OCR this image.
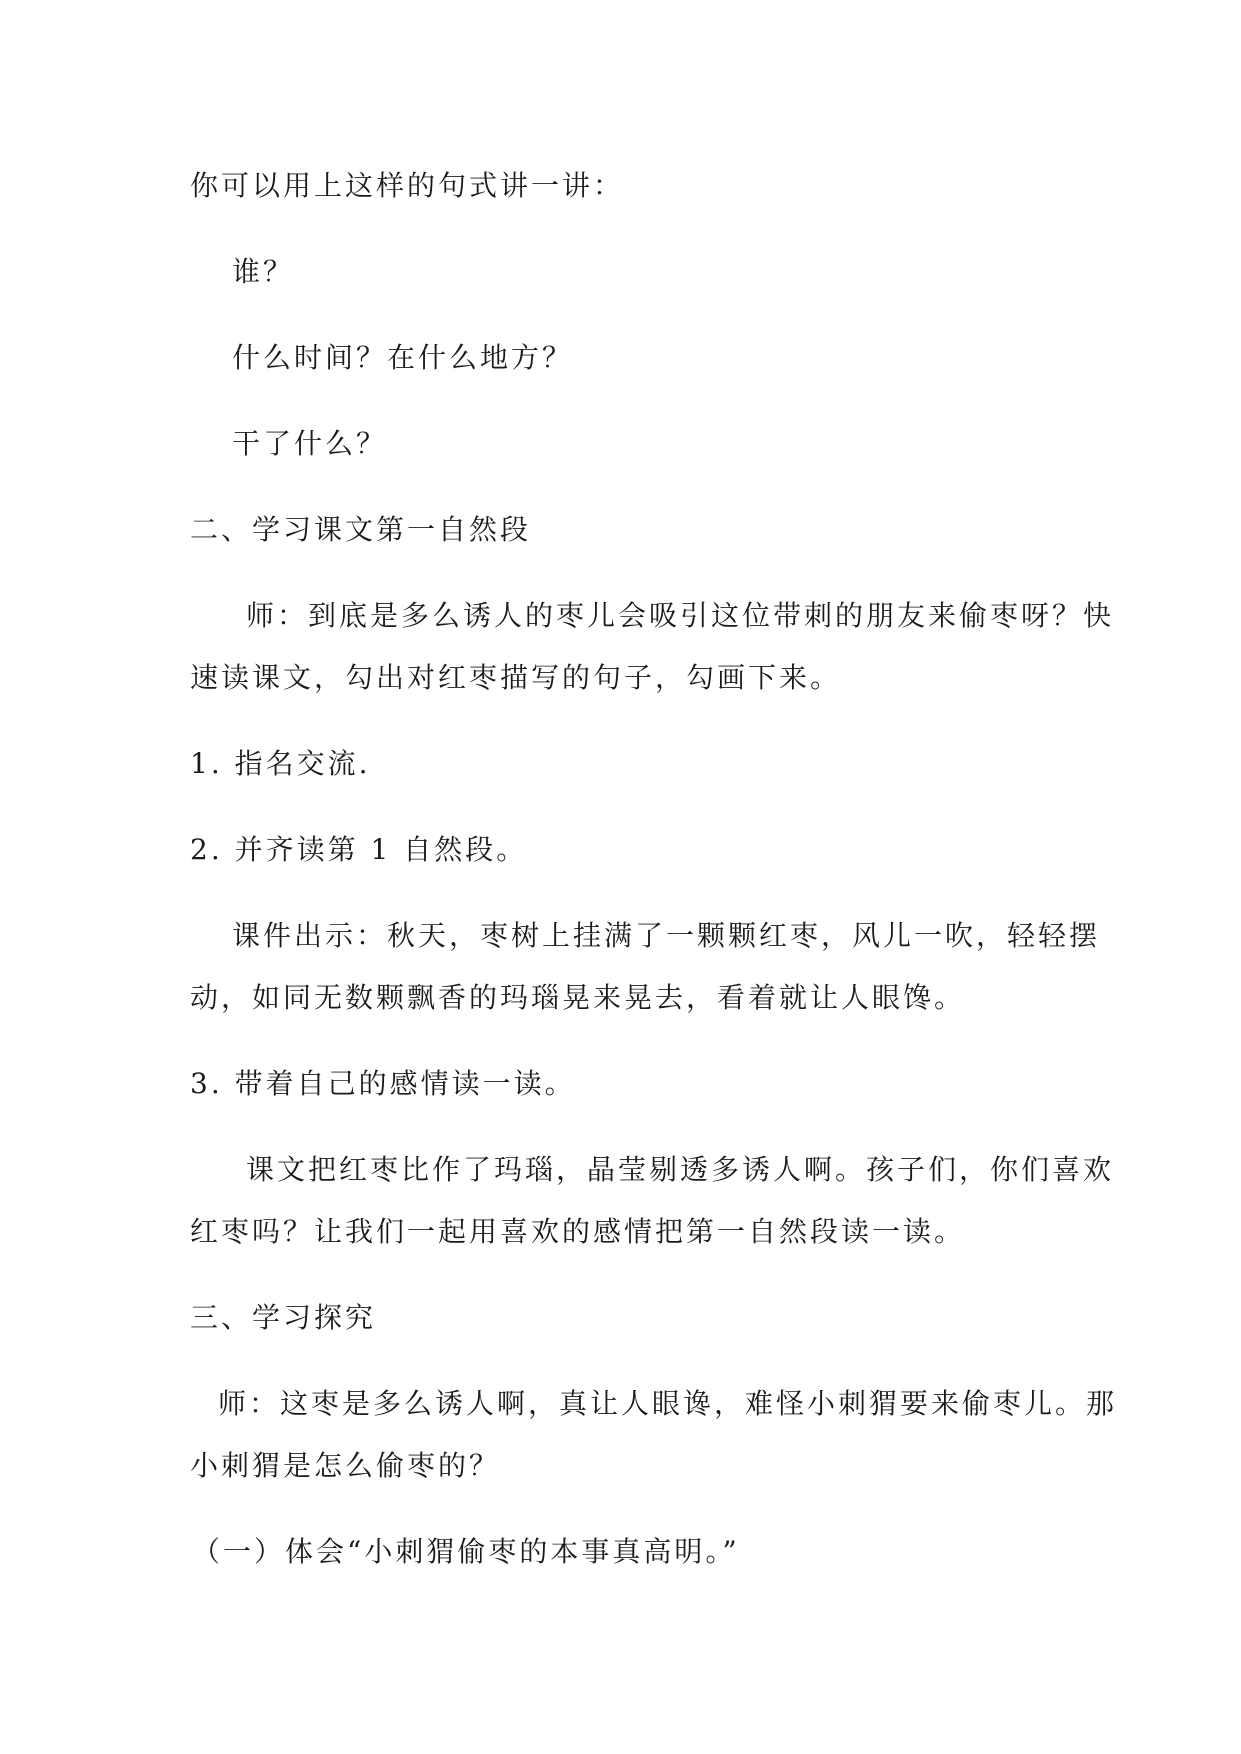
你可以用上这样的句式讲一讲：
谁？
什么时间？在什么地方？
干了什么？
二、学习课文第一自然段
师：到底是多么诱人的枣儿会吸引这位带刺的朋友来偷枣呀？快
速读课文，勾出对红枣描写的句子，勾画下来。
1. 指名交流.
2. 并齐读第 1 自然段。
课件出示：秋天，枣树上挂满了一颗颗红枣，风儿一吹，轻轻摆
动，如同无数颗飘香的玛瑙晃来晃去，看着就让人眼馋。
3. 带着自己的感情读一读。
课文把红枣比作了玛瑙，晶莹剔透多诱人啊。孩子们，你们喜欢
红枣吗？让我们一起用喜欢的感情把第一自然段读一读。
三、学习探究
师：这枣是多么诱人啊，真让人眼谗，难怪小刺猬要来偷枣儿。那
小刺猬是怎么偷枣的？
（一）体会“小刺猬偷枣的本事真高明。”
